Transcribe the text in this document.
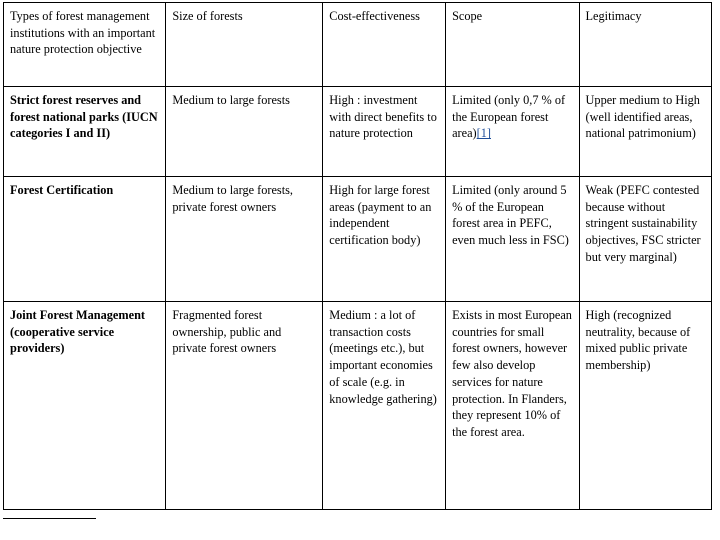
Types of forest management institutions with an important nature protection objective	Size of forests	Cost-effectiveness	Scope	Legitimacy
Strict forest reserves and forest national parks (IUCN categories I and II)	Medium to large forests	High : investment with direct benefits to nature protection	Limited (only 0,7 % of the European forest area)[1]	Upper medium to High (well identified areas, national patrimonium)
Forest Certification	Medium to large forests, private forest owners	High for large forest areas (payment to an independent certification body)	Limited (only around 5 % of the European forest area in PEFC, even much less in FSC)	Weak (PEFC contested because without stringent sustainability objectives, FSC stricter but very marginal)
Joint Forest Management (cooperative service providers)	Fragmented forest ownership, public and private forest owners	Medium : a lot of transaction costs (meetings etc.), but important economies of scale (e.g. in knowledge gathering)	Exists in most European countries for small forest owners, however few also develop services for nature protection. In Flanders, they represent 10% of the forest area.	High (recognized neutrality, because of mixed public private membership)
